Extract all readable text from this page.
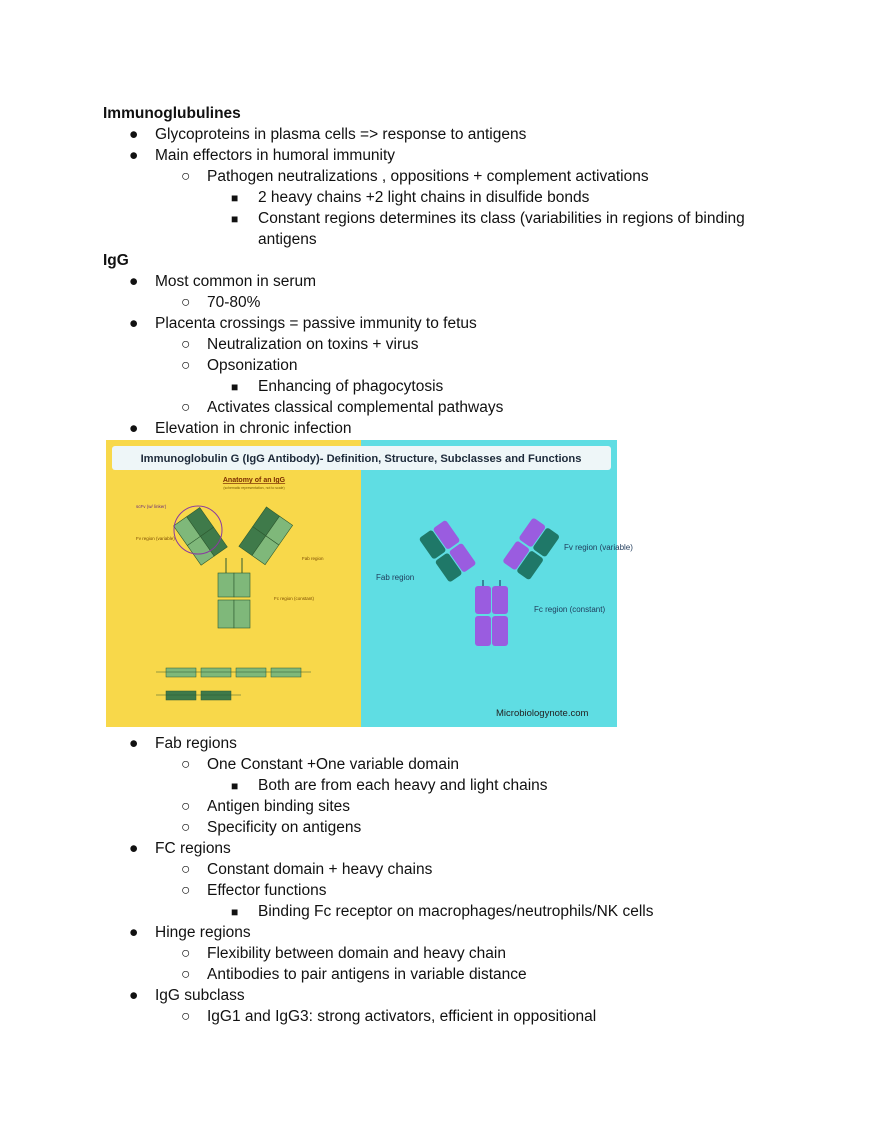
Immunoglubulines
● Glycoproteins in plasma cells => response to antigens
● Main effectors in humoral immunity
○ Pathogen neutralizations , oppositions + complement activations
■ 2 heavy chains +2 light chains in disulfide bonds
■ Constant regions determines its class (variabilities in regions of binding antigens
IgG
● Most common in serum
○ 70-80%
● Placenta crossings = passive immunity to fetus
○ Neutralization on toxins + virus
○ Opsonization
■ Enhancing of phagocytosis
○ Activates classical complemental pathways
● Elevation in chronic infection
Immunoglobulin G (IgG Antibody)- Definition, Structure, Subclasses and Functions
Anatomy of an IgG
(schematic representation, not to scale)
scFv (w/ linker)
Fv region (variable)
Fab region
Fc region (constant)
Fab region
Fv region (variable)
Fc region (constant)
Microbiologynote.com
● Fab regions
○ One Constant +One variable domain
■ Both are from each heavy and light chains
○ Antigen binding sites
○ Specificity on antigens
● FC regions
○ Constant domain + heavy chains
○ Effector functions
■ Binding Fc receptor on macrophages/neutrophils/NK cells
● Hinge regions
○ Flexibility between domain and heavy chain
○ Antibodies to pair antigens in variable distance
● IgG subclass
○ IgG1 and IgG3: strong activators, efficient in oppositional
